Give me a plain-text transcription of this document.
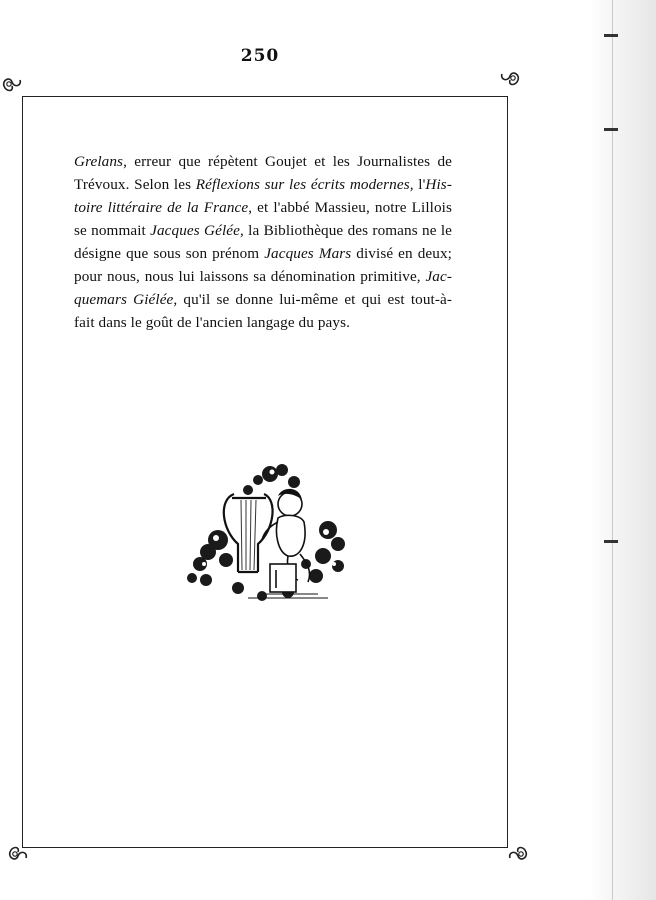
250
Grelans, erreur que répètent Goujet et les Journalistes de
Trévoux. Selon les Réflexions sur les écrits modernes, l'His-
toire littéraire de la France, et l'abbé Massieu, notre Lillois
se nommait Jacques Gélée, la Bibliothèque des romans ne le
désigne que sous son prénom Jacques Mars divisé en deux;
pour nous, nous lui laissons sa dénomination primitive, Jac-
quemars Giélée, qu'il se donne lui-même et qui est tout-à-
fait dans le goût de l'ancien langage du pays.
